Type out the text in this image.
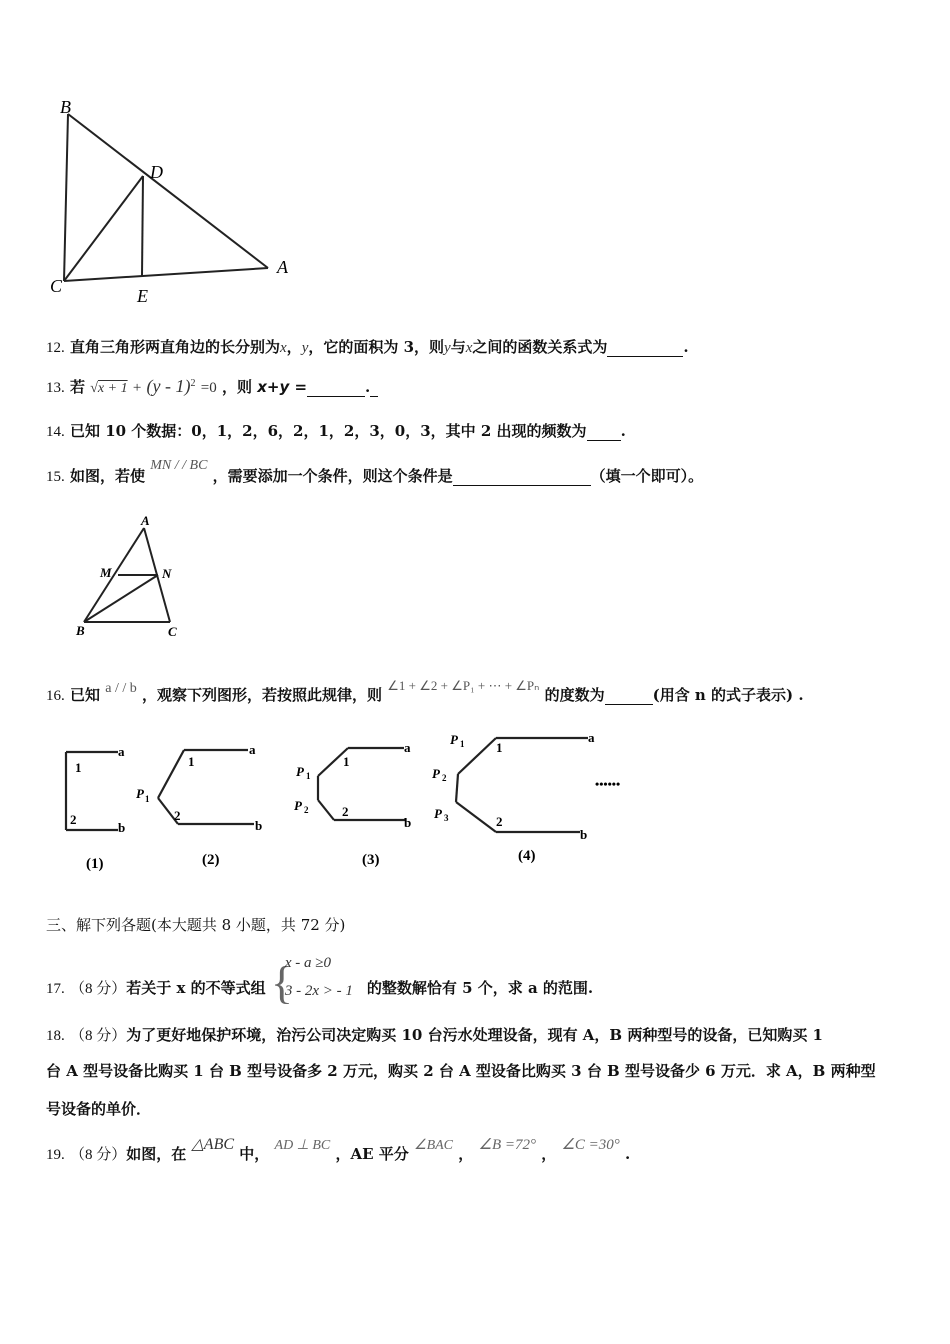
B
D
C	E
A
12. 直角三角形两直角边的长分别为x，y，它的面积为 3，则y与x之间的函数关系式为	.
13. 若 √x + 1 + (y - 1)$^2$ =0 ，则 x+y =	.
14. 已知 10 个数据：0，1，2，6，2，1，2，3，0，3，其中 2 出现的频数为 .
15. 如图，若使 MN / / BC ，需要添加一个条件，则这个条件是	（填一个即可）。
A
M	N
B	C
16. 已知 a / / b ，观察下列图形，若按照此规律，则 ∠1 + ∠2 + ∠P₁ + ⋯ + ∠Pₙ 的度数为	(用含 n 的式子表示) .
a
b
1
2
a
b
1
2
P 1
a
b
1
2
P 1
P 2
a
b
1
2
P 1
P 2
P 3
••••••
(1)	(2)	(3)	(4)
三、解下列各题(本大题共 8 小题，共 72 分)
17. （8 分）若关于 x 的不等式组 {
x - a ≥0
3 - 2x > - 1 的整数解恰有 5 个，求 a 的范围.
18. （8 分）为了更好地保护环境，治污公司决定购买 10 台污水处理设备，现有 A，B 两种型号的设备，已知购买 1
台 A 型号设备比购买 1 台 B 型号设备多 2 万元，购买 2 台 A 型设备比购买 3 台 B 型号设备少 6 万元．求 A，B 两种型
号设备的单价．
19. （8 分）如图，在 △ABC 中， AD ⊥ BC ，AE 平分 ∠BAC ， ∠B =72° ， ∠C =30° .
